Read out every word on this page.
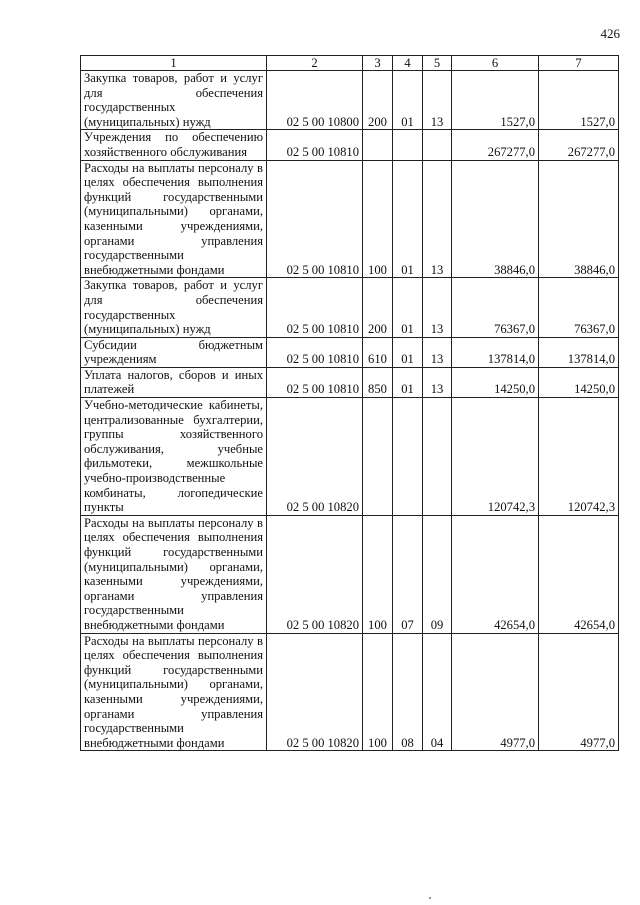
426
1	2	3	4	5	6	7
Закупка товаров, работ и услуг для обеспечения государственных (муниципальных) нужд	02 5 00 10800	200	01	13	1527,0	1527,0
Учреждения по обеспечению хозяйственного обслуживания	02 5 00 10810				267277,0	267277,0
Расходы на выплаты персоналу в целях обеспечения выполнения функций государственными (муниципальными) органами, казенными учреждениями, органами управления государственными внебюджетными фондами	02 5 00 10810	100	01	13	38846,0	38846,0
Закупка товаров, работ и услуг для обеспечения государственных (муниципальных) нужд	02 5 00 10810	200	01	13	76367,0	76367,0
Субсидии бюджетным учреждениям	02 5 00 10810	610	01	13	137814,0	137814,0
Уплата налогов, сборов и иных платежей	02 5 00 10810	850	01	13	14250,0	14250,0
Учебно-методические кабинеты, централизованные бухгалтерии, группы хозяйственного обслуживания, учебные фильмотеки, межшкольные учебно-производственные комбинаты, логопедические пункты	02 5 00 10820				120742,3	120742,3
Расходы на выплаты персоналу в целях обеспечения выполнения функций государственными (муниципальными) органами, казенными учреждениями, органами управления государственными внебюджетными фондами	02 5 00 10820	100	07	09	42654,0	42654,0
Расходы на выплаты персоналу в целях обеспечения выполнения функций государственными (муниципальными) органами, казенными учреждениями, органами управления государственными внебюджетными фондами	02 5 00 10820	100	08	04	4977,0	4977,0
